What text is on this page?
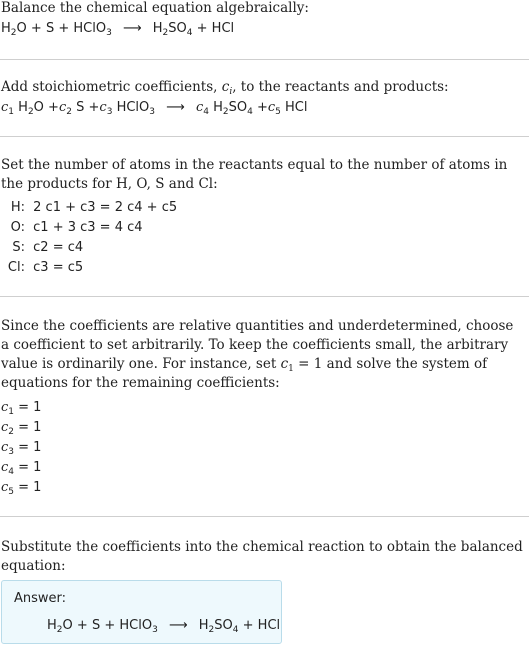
Balance the chemical equation algebraically:
$H_2O + S$ + HClO$_3$ ⟶ $H_2SO_4$ + HCl
Add stoichiometric coefficients, $c_i$, to the reactants and products:
$c_1$ $H_2O +c_2$ $S +c_3$ HClO$_3$ ⟶ $c_4$ $H_2SO_4 +c_5$ HCl
Set the number of atoms in the reactants equal to the number of atoms in the products for H, O, S and Cl:
H: 2 c1 + c3 = 2 c4 + c5
O: c1 + 3 c3 = 4 c4
S: c2 = c4
Cl: c3 = c5
Since the coefficients are relative quantities and underdetermined, choose a coefficient to set arbitrarily. To keep the coefficients small, the arbitrary value is ordinarily one. For instance, set $c_1 = 1$ and solve the system of equations for the remaining coefficients:
$c_1 = 1$
$c_2 = 1$
$c_3 = 1$
$c_4 = 1$
$c_5 = 1$
Substitute the coefficients into the chemical reaction to obtain the balanced equation:
Answer:
$H_2O + S$ + HClO$_3$ ⟶ $H_2SO_4$ + HCl
